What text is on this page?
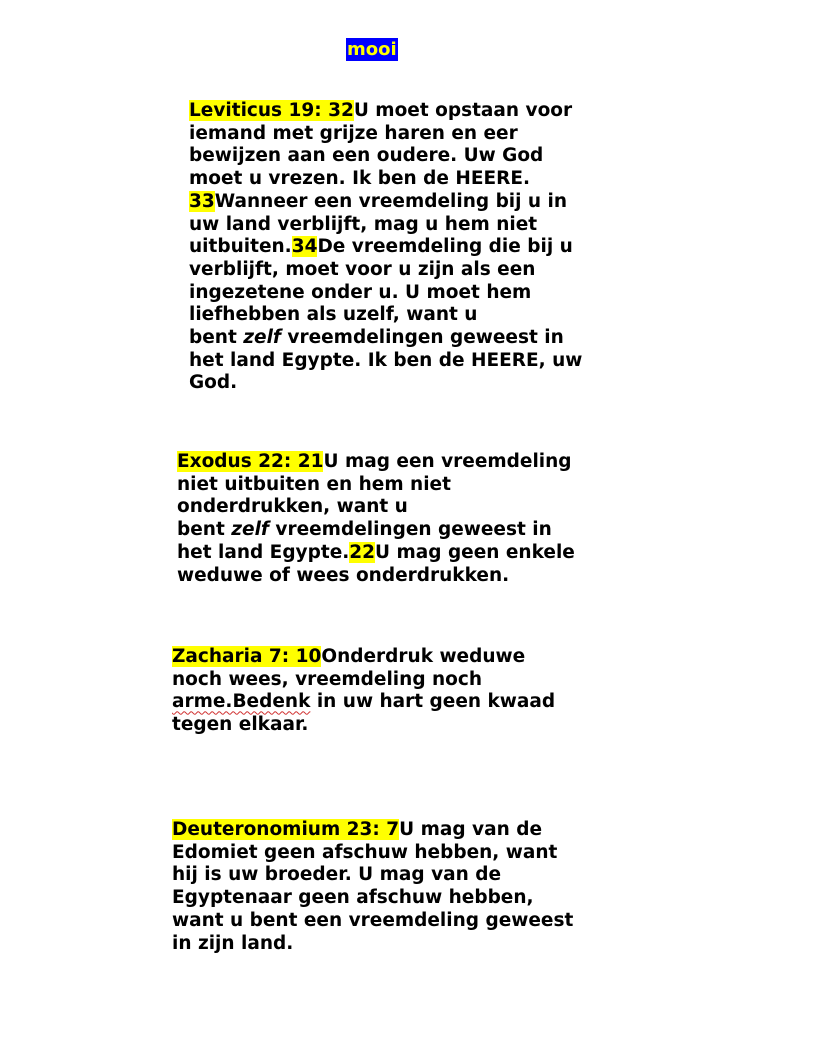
mooi
Leviticus 19: 32U moet opstaan voor
iemand met grijze haren en eer
bewijzen aan een oudere. Uw God
moet u vrezen. Ik ben de HEERE.
33Wanneer een vreemdeling bij u in
uw land verblijft, mag u hem niet
uitbuiten.34De vreemdeling die bij u
verblijft, moet voor u zijn als een
ingezetene onder u. U moet hem
liefhebben als uzelf, want u
bent zelf vreemdelingen geweest in
het land Egypte. Ik ben de HEERE, uw
God.
Exodus 22: 21U mag een vreemdeling
niet uitbuiten en hem niet
onderdrukken, want u
bent zelf vreemdelingen geweest in
het land Egypte.22U mag geen enkele
weduwe of wees onderdrukken.
Zacharia 7: 10Onderdruk weduwe
noch wees, vreemdeling noch
arme.Bedenk in uw hart geen kwaad
tegen elkaar.
Deuteronomium 23: 7U mag van de
Edomiet geen afschuw hebben, want
hij is uw broeder. U mag van de
Egyptenaar geen afschuw hebben,
want u bent een vreemdeling geweest
in zijn land.
